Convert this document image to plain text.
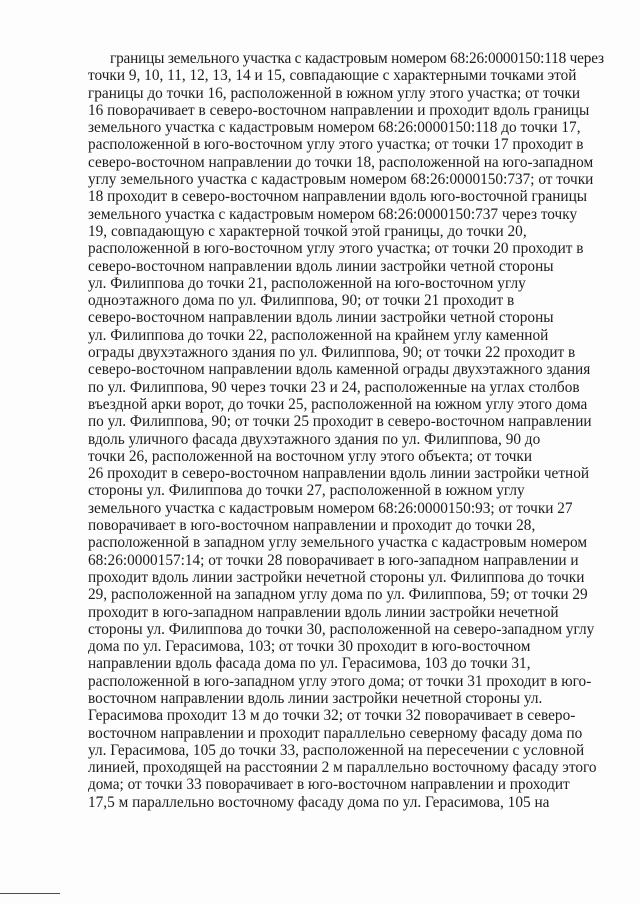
границы земельного участка с кадастровым номером 68:26:0000150:118 через
точки 9, 10, 11, 12, 13, 14 и 15, совпадающие с характерными точками этой
границы до точки 16, расположенной в южном углу этого участка; от точки
16 поворачивает в северо-восточном направлении и проходит вдоль границы
земельного участка с кадастровым номером 68:26:0000150:118 до точки 17,
расположенной в юго-восточном углу этого участка; от точки 17 проходит в
северо-восточном направлении до точки 18, расположенной на юго-западном
углу земельного участка с кадастровым номером 68:26:0000150:737; от точки
18 проходит в северо-восточном направлении вдоль юго-восточной границы
земельного участка с кадастровым номером 68:26:0000150:737 через точку
19, совпадающую с характерной точкой этой границы, до точки 20,
расположенной в юго-восточном углу этого участка; от точки 20 проходит в
северо-восточном направлении вдоль линии застройки четной стороны
ул. Филиппова до точки 21, расположенной на юго-восточном углу
одноэтажного дома по ул. Филиппова, 90; от точки 21 проходит в
северо-восточном направлении вдоль линии застройки четной стороны
ул. Филиппова до точки 22, расположенной на крайнем углу каменной
ограды двухэтажного здания по ул. Филиппова, 90; от точки 22 проходит в
северо-восточном направлении вдоль каменной ограды двухэтажного здания
по ул. Филиппова, 90 через точки 23 и 24, расположенные на углах столбов
въездной арки ворот, до точки 25, расположенной на южном углу этого дома
по ул. Филиппова, 90; от точки 25 проходит в северо-восточном направлении
вдоль уличного фасада двухэтажного здания по ул. Филиппова, 90 до
точки 26, расположенной на восточном углу этого объекта; от точки
26 проходит в северо-восточном направлении вдоль линии застройки четной
стороны ул. Филиппова до точки 27, расположенной в южном углу
земельного участка с кадастровым номером 68:26:0000150:93; от точки 27
поворачивает в юго-восточном направлении и проходит до точки 28,
расположенной в западном углу земельного участка с кадастровым номером
68:26:0000157:14; от точки 28 поворачивает в юго-западном направлении и
проходит вдоль линии застройки нечетной стороны ул. Филиппова до точки
29, расположенной на западном углу дома по ул. Филиппова, 59; от точки 29
проходит в юго-западном направлении вдоль линии застройки нечетной
стороны ул. Филиппова до точки 30, расположенной на северо-западном углу
дома по ул. Герасимова, 103; от точки 30 проходит в юго-восточном
направлении вдоль фасада дома по ул. Герасимова, 103 до точки 31,
расположенной в юго-западном углу этого дома; от точки 31 проходит в юго-
восточном направлении вдоль линии застройки нечетной стороны ул.
Герасимова проходит 13 м до точки 32; от точки 32 поворачивает в северо-
восточном направлении и проходит параллельно северному фасаду дома по
ул. Герасимова, 105 до точки 33, расположенной на пересечении с условной
линией, проходящей на расстоянии 2 м параллельно восточному фасаду этого
дома; от точки 33 поворачивает в юго-восточном направлении и проходит
17,5 м параллельно восточному фасаду дома по ул. Герасимова, 105 на
